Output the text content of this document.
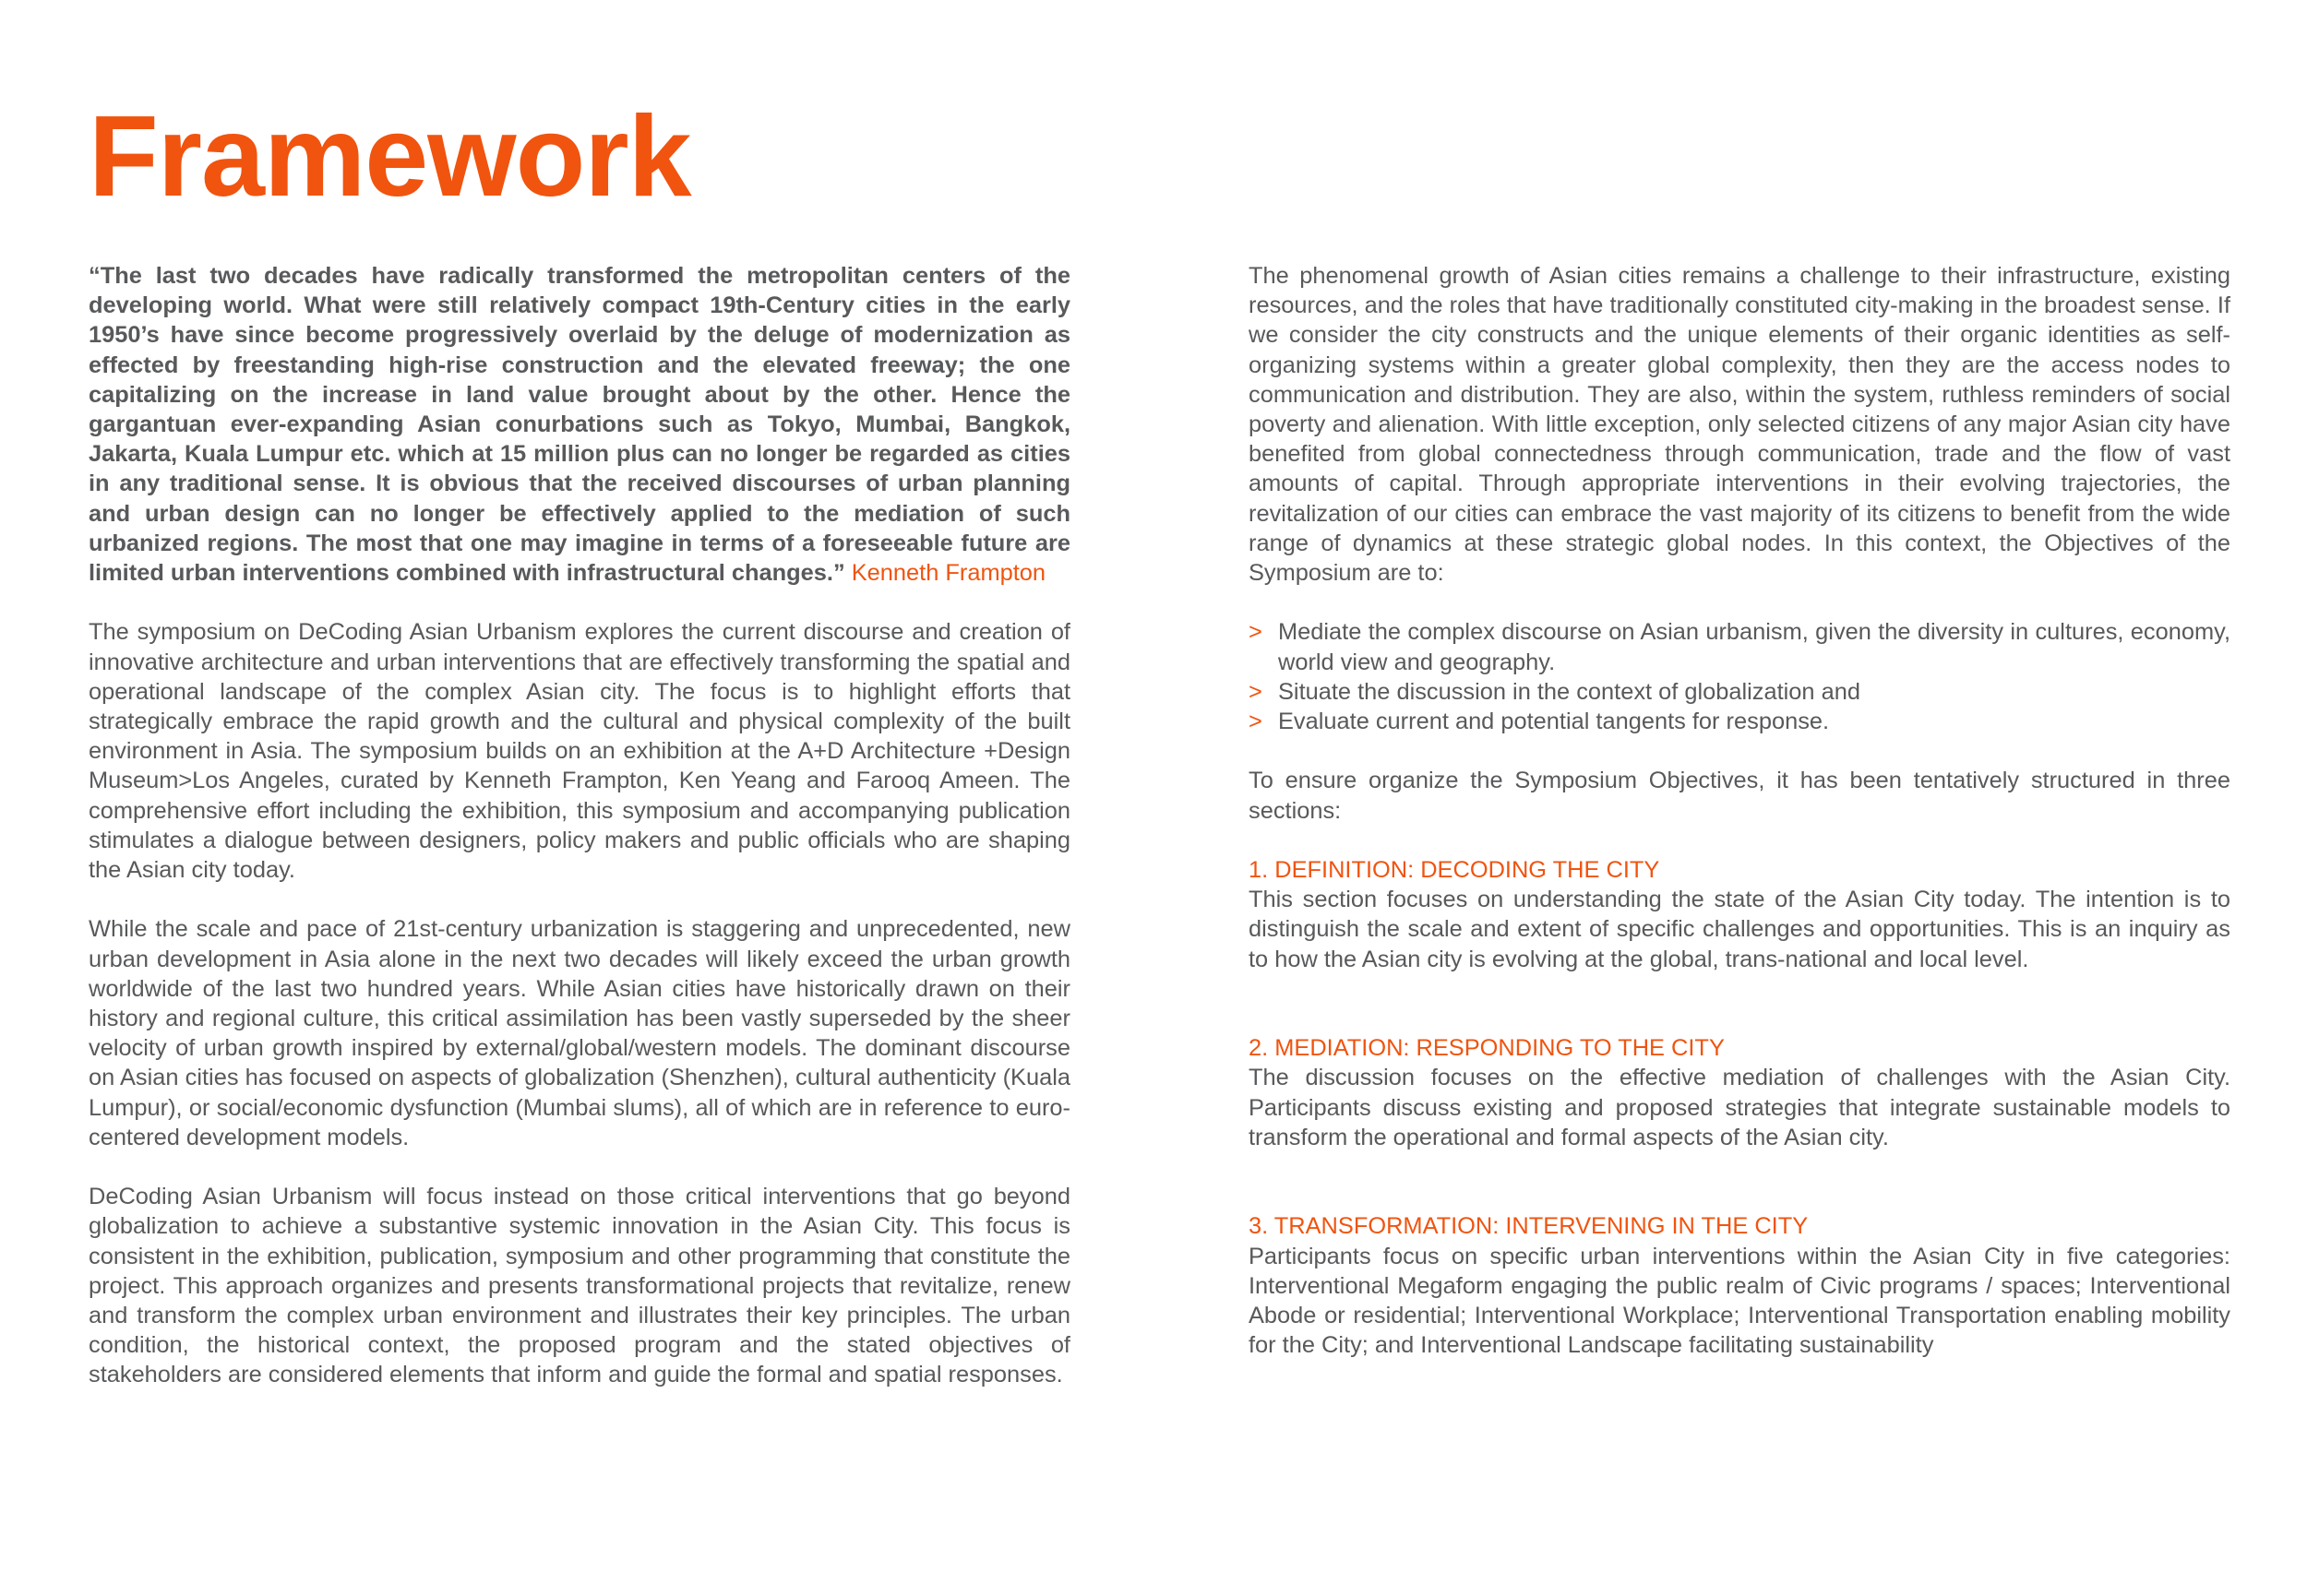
Framework

“The last two decades have radically transformed the metropolitan centers of the developing world. What were still relatively compact 19th-Century cities in the early 1950’s have since become progressively overlaid by the deluge of modernization as effected by freestanding high-rise construction and the elevated freeway; the one capitalizing on the increase in land value brought about by the other. Hence the gargantuan ever-expanding Asian conurbations such as Tokyo, Mumbai, Bangkok, Jakarta, Kuala Lumpur etc. which at 15 million plus can no longer be regarded as cities in any traditional sense. It is obvious that the received discourses of urban planning and urban design can no longer be effectively applied to the mediation of such urbanized regions. The most that one may imagine in terms of a foreseeable future are limited urban interventions combined with infrastructural changes.” Kenneth Frampton

The symposium on DeCoding Asian Urbanism explores the current discourse and creation of innovative architecture and urban interventions that are effectively transforming the spatial and operational landscape of the complex Asian city. The focus is to highlight efforts that strategically embrace the rapid growth and the cultural and physical complexity of the built environment in Asia. The symposium builds on an exhibition at the A+D Architecture +Design Museum>Los Angeles, curated by Kenneth Frampton, Ken Yeang and Farooq Ameen. The comprehensive effort including the exhibition, this symposium and accompanying publication stimulates a dialogue between designers, policy makers and public officials who are shaping the Asian city today.

While the scale and pace of 21st-century urbanization is staggering and unprecedented, new urban development in Asia alone in the next two decades will likely exceed the urban growth worldwide of the last two hundred years. While Asian cities have historically drawn on their history and regional culture, this critical assimilation has been vastly superseded by the sheer velocity of urban growth inspired by external/global/western models. The dominant discourse on Asian cities has focused on aspects of globalization (Shenzhen), cultural authenticity (Kuala Lumpur), or social/economic dysfunction (Mumbai slums), all of which are in reference to euro-centered development models.

DeCoding Asian Urbanism will focus instead on those critical interventions that go beyond globalization to achieve a substantive systemic innovation in the Asian City. This focus is consistent in the exhibition, publication, symposium and other programming that constitute the project. This approach organizes and presents transformational projects that revitalize, renew and transform the complex urban environment and illustrates their key principles. The urban condition, the historical context, the proposed program and the stated objectives of stakeholders are considered elements that inform and guide the formal and spatial responses.

The phenomenal growth of Asian cities remains a challenge to their infrastructure, existing resources, and the roles that have traditionally constituted city-making in the broadest sense. If we consider the city constructs and the unique elements of their organic identities as self-organizing systems within a greater global complexity, then they are the access nodes to communication and distribution. They are also, within the system, ruthless reminders of social poverty and alienation. With little exception, only selected citizens of any major Asian city have benefited from global connectedness through communication, trade and the flow of vast amounts of capital. Through appropriate interventions in their evolving trajectories, the revitalization of our cities can embrace the vast majority of its citizens to benefit from the wide range of dynamics at these strategic global nodes. In this context, the Objectives of the Symposium are to:

> Mediate the complex discourse on Asian urbanism, given the diversity in cultures, economy, world view and geography.
> Situate the discussion in the context of globalization and
> Evaluate current and potential tangents for response.

To ensure organize the Symposium Objectives, it has been tentatively structured in three sections:

1. DEFINITION: DECODING THE CITY

This section focuses on understanding the state of the Asian City today. The intention is to distinguish the scale and extent of specific challenges and opportunities. This is an inquiry as to how the Asian city is evolving at the global, trans-national and local level.

2. MEDIATION: RESPONDING TO THE CITY

The discussion focuses on the effective mediation of challenges with the Asian City. Participants discuss existing and proposed strategies that integrate sustainable models to transform the operational and formal aspects of the Asian city.

3. TRANSFORMATION: INTERVENING IN THE CITY

Participants focus on specific urban interventions within the Asian City in five categories: Interventional Megaform engaging the public realm of Civic programs / spaces; Interventional Abode or residential; Interventional Workplace; Interventional Transportation enabling mobility for the City; and Interventional Landscape facilitating sustainability
